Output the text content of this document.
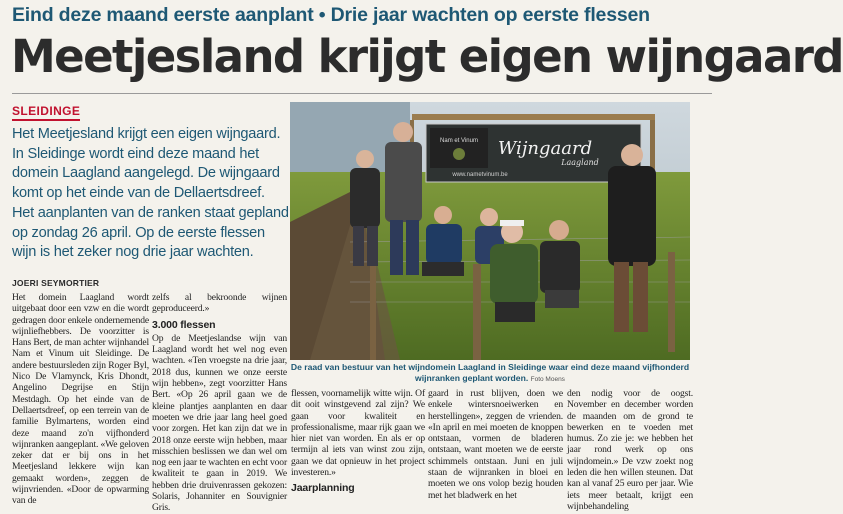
Eind deze maand eerste aanplant • Drie jaar wachten op eerste flessen
Meetjesland krijgt eigen wijngaard
SLEIDINGE
Het Meetjesland krijgt een eigen wijngaard. In Sleidinge wordt eind deze maand het domein Laagland aangelegd. De wijngaard komt op het einde van de Dellaertsdreef. Het aanplanten van de ranken staat gepland op zondag 26 april. Op de eerste flessen wijn is het zeker nog drie jaar wachten.
JOERI SEYMORTIER
Het domein Laagland wordt uitgebaat door een vzw en die wordt gedragen door enkele ondernemende wijnliefhebbers. De voorzitter is Hans Bert, de man achter wijnhandel Nam et Vinum uit Sleidinge. De andere bestuursleden zijn Roger Byl, Nico De Vlamynck, Kris Dhondt, Angelino Degrijse en Stijn Mestdagh. Op het einde van de Dellaertsdreef, op een terrein van de familie Bylmartens, worden eind deze maand zo'n vijfhonderd wijnranken aangeplant. «We geloven zeker dat er bij ons in het Meetjesland lekkere wijn kan gemaakt worden», zeggen de wijnvrienden. «Door de opwarming van de
zelfs al bekroonde wijnen geproduceerd.»
3.000 flessen
Op de Meetjeslandse wijn van Laagland wordt het wel nog even wachten. «Ten vroegste na drie jaar, 2018 dus, kunnen we onze eerste wijn hebben», zegt voorzitter Hans Bert. «Op 26 april gaan we de kleine plantjes aanplanten en daar moeten we drie jaar lang heel goed voor zorgen. Het kan zijn dat we in 2018 onze eerste wijn hebben, maar misschien beslissen we dan wel om nog een jaar te wachten en echt voor kwaliteit te gaan in 2019. We hebben drie druivenrassen gekozen: Solaris, Johanniter en Souvignier Gris.
flessen, voornamelijk witte wijn. Of dit ooit winstgevend zal zijn? We gaan voor kwaliteit en professionalisme, maar rijk gaan we hier niet van worden. En als er op termijn al iets van winst zou zijn, gaan we dat opnieuw in het project investeren.»
Jaarplanning
gaard in rust blijven, doen we enkele wintersnoeiwerken en herstellingen», zeggen de vrienden. «In april en mei moeten de knoppen ontstaan, vormen de bladeren ontstaan, want moeten we de eerste schimmels ontstaan. Juni en juli staan de wijnranken in bloei en moeten we ons volop bezig houden met het bladwerk en het
den nodig voor de oogst. November en december worden de maanden om de grond te bewerken en te voeden met humus. Zo zie je: we hebben het jaar rond werk op ons wijndomein.» De vzw zoekt nog leden die hen willen steunen. Dat kan al vanaf 25 euro per jaar. Wie iets meer betaalt, krijgt een wijnbehandeling
Nam et Vinum Wijngaard
Laagland
www.nametvinum.be
De raad van bestuur van het wijndomein Laagland in Sleidinge waar eind deze maand vijfhonderd wijnranken geplant worden. Foto Moens
